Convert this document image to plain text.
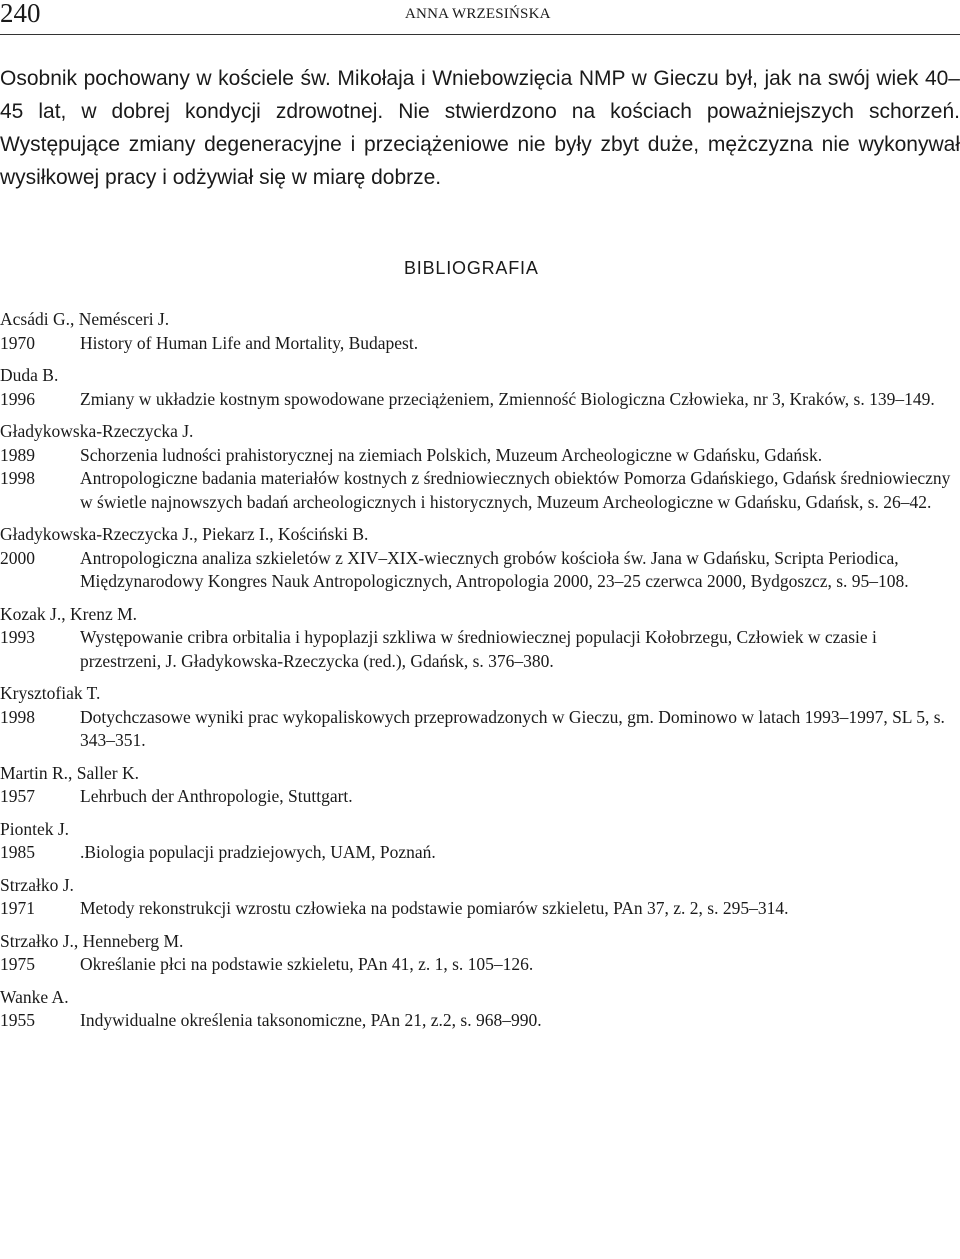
240	ANNA WRZESIŃSKA

Osobnik pochowany w kościele św. Mikołaja i Wniebowzięcia NMP w Gieczu był, jak na swój wiek 40–45 lat, w dobrej kondycji zdrowotnej. Nie stwierdzono na kościach poważniejszych schorzeń. Występujące zmiany degeneracyjne i przeciążeniowe nie były zbyt duże, mężczyzna nie wykonywał wysiłkowej pracy i odżywiał się w miarę dobrze.

BIBLIOGRAFIA
Acsádi G., Nemésceri J.
1970	History of Human Life and Mortality, Budapest.
Duda B.
1996	Zmiany w układzie kostnym spowodowane przeciążeniem, Zmienność Biologiczna Człowieka, nr 3, Kraków, s. 139–149.
Gładykowska-Rzeczycka J.
1989	Schorzenia ludności prahistorycznej na ziemiach Polskich, Muzeum Archeologiczne w Gdańsku, Gdańsk.
1998	Antropologiczne badania materiałów kostnych z średniowiecznych obiektów Pomorza Gdańskiego, Gdańsk średniowieczny w świetle najnowszych badań archeologicznych i historycznych, Muzeum Archeologiczne w Gdańsku, Gdańsk, s. 26–42.
Gładykowska-Rzeczycka J., Piekarz I., Kościński B.
2000	Antropologiczna analiza szkieletów z XIV–XIX-wiecznych grobów kościoła św. Jana w Gdańsku, Scripta Periodica, Międzynarodowy Kongres Nauk Antropologicznych, Antropologia 2000, 23–25 czerwca 2000, Bydgoszcz, s. 95–108.
Kozak J., Krenz M.
1993	Występowanie cribra orbitalia i hypoplazji szkliwa w średniowiecznej populacji Kołobrzegu, Człowiek w czasie i przestrzeni, J. Gładykowska-Rzeczycka (red.), Gdańsk, s. 376–380.
Krysztofiak T.
1998	Dotychczasowe wyniki prac wykopaliskowych przeprowadzonych w Gieczu, gm. Dominowo w latach 1993–1997, SL 5, s. 343–351.
Martin R., Saller K.
1957	Lehrbuch der Anthropologie, Stuttgart.
Piontek J.
1985	.Biologia populacji pradziejowych, UAM, Poznań.
Strzałko J.
1971	Metody rekonstrukcji wzrostu człowieka na podstawie pomiarów szkieletu, PAn 37, z. 2, s. 295–314.
Strzałko J., Henneberg M.
1975	Określanie płci na podstawie szkieletu, PAn 41, z. 1, s. 105–126.
Wanke A.
1955	Indywidualne określenia taksonomiczne, PAn 21, z.2, s. 968–990.
